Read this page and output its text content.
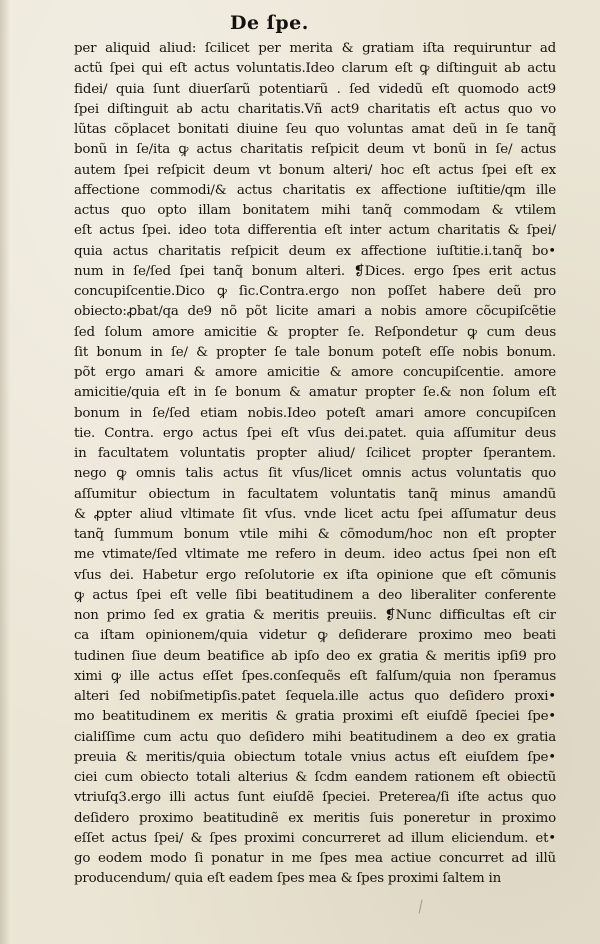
De ſpe.
per aliquid aliud: ſcilicet per merita & gratiam iſta requiruntur ad
actũ ſpei qui eſt actus voluntatis.Ideo clarum eſt ꝙ diſtinguit ab actu
fidei/ quia ſunt diuerſarũ potentiarũ . ſed videdũ eſt quomodo act9
ſpei diſtinguit ab actu charitatis.Vñ act9 charitatis eſt actus quo vo
lũtas cõplacet bonitati diuine ſeu quo voluntas amat deũ in ſe tanq̃
bonũ in ſe/ita ꝙ actus charitatis reſpicit deum vt bonũ in ſe/ actus
autem ſpei reſpicit deum vt bonum alteri/ hoc eſt actus ſpei eſt ex
affectione commodi/& actus charitatis ex affectione iuſtitie/qm ille
actus quo opto illam bonitatem mihi tanq̃ commodam & vtilem
eſt actus ſpei. ideo tota differentia eſt inter actum charitatis & ſpei/
quia actus charitatis reſpicit deum ex affectione iuſtitie.i.tanq̃ bo•
num in ſe/ſed ſpei tanq̃ bonum alteri. ❡Dices. ergo ſpes erit actus
concupiſcentie.Dico ꝙ ſic.Contra.ergo non poſſet habere deũ pro
obiecto:ꝓbat/qa de9 nõ põt licite amari a nobis amore cõcupiſcẽtie
ſed ſolum amore amicitie & propter ſe. Reſpondetur ꝙ cum deus
ſit bonum in ſe/ & propter ſe tale bonum poteſt eſſe nobis bonum.
põt ergo amari & amore amicitie & amore concupiſcentie. amore
amicitie/quia eſt in ſe bonum & amatur propter ſe.& non ſolum eſt
bonum in ſe/ſed etiam nobis.Ideo poteſt amari amore concupiſcen
tie. Contra. ergo actus ſpei eſt vſus dei.patet. quia aſſumitur deus
in facultatem voluntatis propter aliud/ ſcilicet propter ſperantem.
nego ꝙ omnis talis actus ſit vſus/licet omnis actus voluntatis quo
aſſumitur obiectum in facultatem voluntatis tanq̃ minus amandũ
& ꝓpter aliud vltimate ſit vſus. vnde licet actu ſpei aſſumatur deus
tanq̃ ſummum bonum vtile mihi & cõmodum/hoc non eſt propter
me vtimate/ſed vltimate me refero in deum. ideo actus ſpei non eſt
vſus dei. Habetur ergo reſolutorie ex iſta opinione que eſt cõmunis
ꝙ actus ſpei eſt velle ſibi beatitudinem a deo liberaliter conferente
non primo ſed ex gratia & meritis preuiis. ❡Nunc difficultas eſt cir
ca iſtam opinionem/quia videtur ꝙ deſiderare proximo meo beati
tudinen ſiue deum beatifice ab ipſo deo ex gratia & meritis ipſi9 pro
ximi ꝙ ille actus eſſet ſpes.conſequẽs eſt falſum/quia non ſperamus
alteri ſed nobiſmetipſis.patet ſequela.ille actus quo deſidero proxi•
mo beatitudinem ex meritis & gratia proximi eſt eiuſdẽ ſpeciei ſpe•
cialiſſime cum actu quo deſidero mihi beatitudinem a deo ex gratia
preuia & meritis/quia obiectum totale vnius actus eſt eiuſdem ſpe•
ciei cum obiecto totali alterius & ſcdm eandem rationem eſt obiectũ
vtriuſq3.ergo illi actus ſunt eiuſdẽ ſpeciei. Preterea/ſi iſte actus quo
deſidero proximo beatitudinẽ ex meritis ſuis poneretur in proximo
eſſet actus ſpei/ & ſpes proximi concurreret ad illum eliciendum. et•
go eodem modo ſi ponatur in me ſpes mea actiue concurret ad illũ
producendum/ quia eſt eadem ſpes mea & ſpes proximi ſaltem in
